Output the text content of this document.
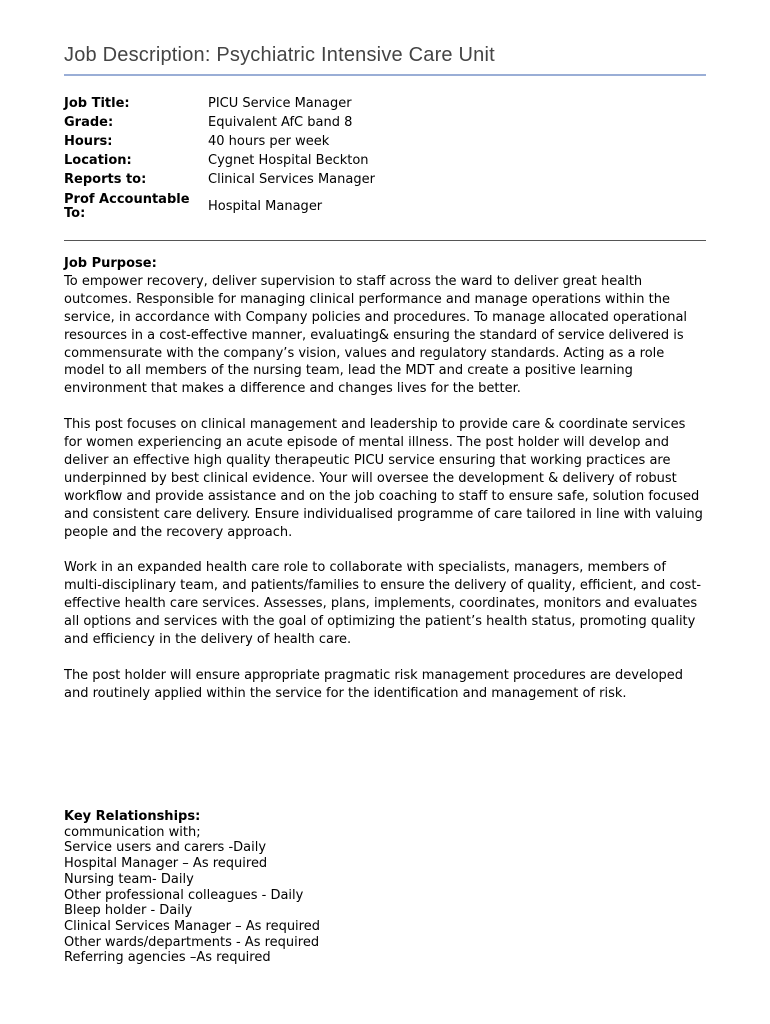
Job Description: Psychiatric Intensive Care Unit
Job Title:	PICU Service Manager
Grade:	Equivalent AfC band 8
Hours:	40 hours per week
Location:	Cygnet Hospital Beckton
Reports to:	Clinical Services Manager
Prof Accountable To:	Hospital Manager
Job Purpose:

To empower recovery, deliver supervision to staff across the ward to deliver great health outcomes. Responsible for managing clinical performance and manage operations within the service, in accordance with Company policies and procedures. To manage allocated operational resources in a cost-effective manner, evaluating& ensuring the standard of service delivered is commensurate with the company’s vision, values and regulatory standards. Acting as a role model to all members of the nursing team, lead the MDT and create a positive learning environment that makes a difference and changes lives for the better.

This post focuses on clinical management and leadership to provide care & coordinate services for women experiencing an acute episode of mental illness. The post holder will develop and deliver an effective high quality therapeutic PICU service ensuring that working practices are underpinned by best clinical evidence. Your will oversee the development & delivery of robust workflow and provide assistance and on the job coaching to staff to ensure safe, solution focused and consistent care delivery. Ensure individualised programme of care tailored in line with valuing people and the recovery approach.

Work in an expanded health care role to collaborate with specialists, managers, members of multi-disciplinary team, and patients/families to ensure the delivery of quality, efficient, and cost-effective health care services. Assesses, plans, implements, coordinates, monitors and evaluates all options and services with the goal of optimizing the patient’s health status, promoting quality and efficiency in the delivery of health care.

The post holder will ensure appropriate pragmatic risk management procedures are developed and routinely applied within the service for the identification and management of risk.

Key Relationships:
communication with;
Service users and carers -Daily
Hospital Manager – As required
Nursing team- Daily
Other professional colleagues - Daily
Bleep holder - Daily
Clinical Services Manager – As required
Other wards/departments - As required
Referring agencies –As required
